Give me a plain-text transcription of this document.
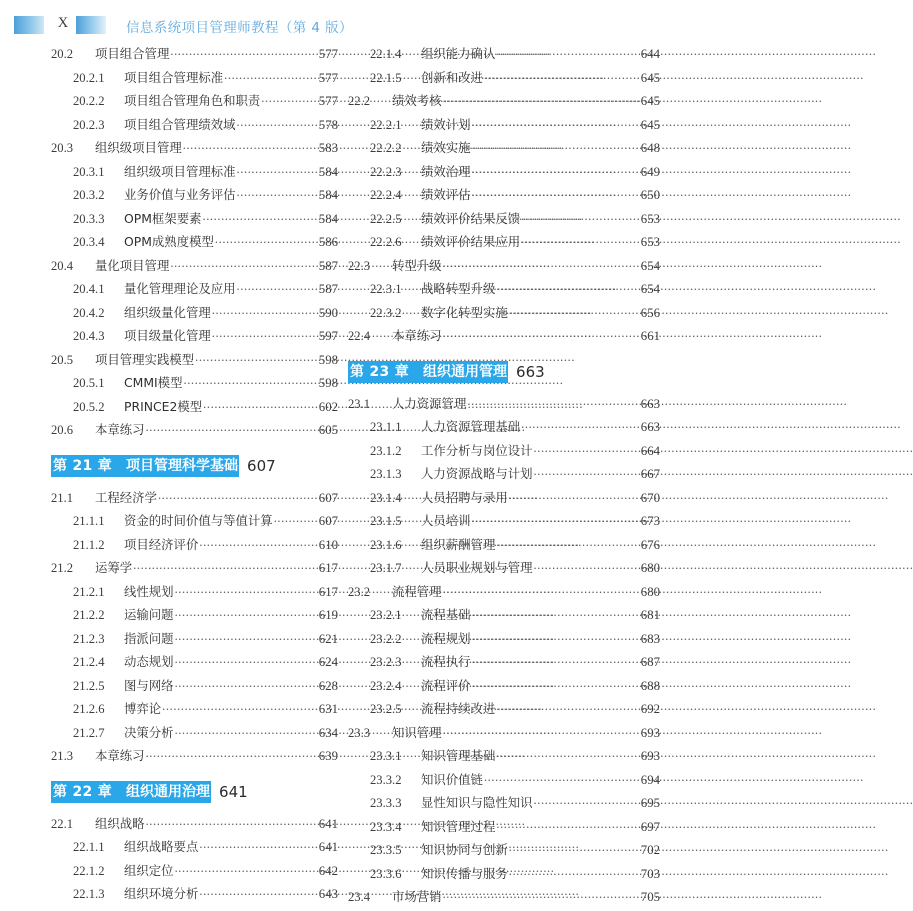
X	信息系统项目管理师教程（第 4 版）
20.2	项目组合管理 .....	577
20.2.1	项目组合管理标准 .....	577
20.2.2	项目组合管理角色和职责 .....	577
20.2.3	项目组合管理绩效域 .....	578
20.3	组织级项目管理 .....	583
20.3.1	组织级项目管理标准 .....	584
20.3.2	业务价值与业务评估 .....	584
20.3.3	OPM框架要素 .....	584
20.3.4	OPM成熟度模型 .....	586
20.4	量化项目管理 .....	587
20.4.1	量化管理理论及应用 .....	587
20.4.2	组织级量化管理 .....	590
20.4.3	项目级量化管理 .....	597
20.5	项目管理实践模型 .....	598
20.5.1	CMMI模型 .....	598
20.5.2	PRINCE2模型 .....	602
20.6	本章练习 .....	605
第 21 章 项目管理科学基础 607
21.1	工程经济学 .....	607
21.1.1	资金的时间价值与等值计算 .....	607
21.1.2	项目经济评价 .....	610
21.2	运筹学 .....	617
21.2.1	线性规划 .....	617
21.2.2	运输问题 .....	619
21.2.3	指派问题 .....	621
21.2.4	动态规划 .....	624
21.2.5	图与网络 .....	628
21.2.6	博弈论 .....	631
21.2.7	决策分析 .....	634
21.3	本章练习 .....	639
第 22 章 组织通用治理 641
22.1	组织战略 .....	641
22.1.1	组织战略要点 .....	641
22.1.2	组织定位 .....	642
22.1.3	组织环境分析 .....	643
22.1.4	组织能力确认 .....	644
22.1.5	创新和改进 .....	645
22.2	绩效考核 .....	645
22.2.1	绩效计划 .....	645
22.2.2	绩效实施 .....	648
22.2.3	绩效治理 .....	649
22.2.4	绩效评估 .....	650
22.2.5	绩效评价结果反馈 .....	653
22.2.6	绩效评价结果应用 .....	653
22.3	转型升级 .....	654
22.3.1	战略转型升级 .....	654
22.3.2	数字化转型实施 .....	656
22.4	本章练习 .....	661
第 23 章 组织通用管理 663
23.1	人力资源管理 .....	663
23.1.1	人力资源管理基础 .....	663
23.1.2	工作分析与岗位设计 .....	664
23.1.3	人力资源战略与计划 .....	667
23.1.4	人员招聘与录用 .....	670
23.1.5	人员培训 .....	673
23.1.6	组织薪酬管理 .....	676
23.1.7	人员职业规划与管理 .....	680
23.2	流程管理 .....	680
23.2.1	流程基础 .....	681
23.2.2	流程规划 .....	683
23.2.3	流程执行 .....	687
23.2.4	流程评价 .....	688
23.2.5	流程持续改进 .....	692
23.3	知识管理 .....	693
23.3.1	知识管理基础 .....	693
23.3.2	知识价值链 .....	694
23.3.3	显性知识与隐性知识 .....	695
23.3.4	知识管理过程 .....	697
23.3.5	知识协同与创新 .....	702
23.3.6	知识传播与服务 .....	703
23.4	市场营销 .....	705
